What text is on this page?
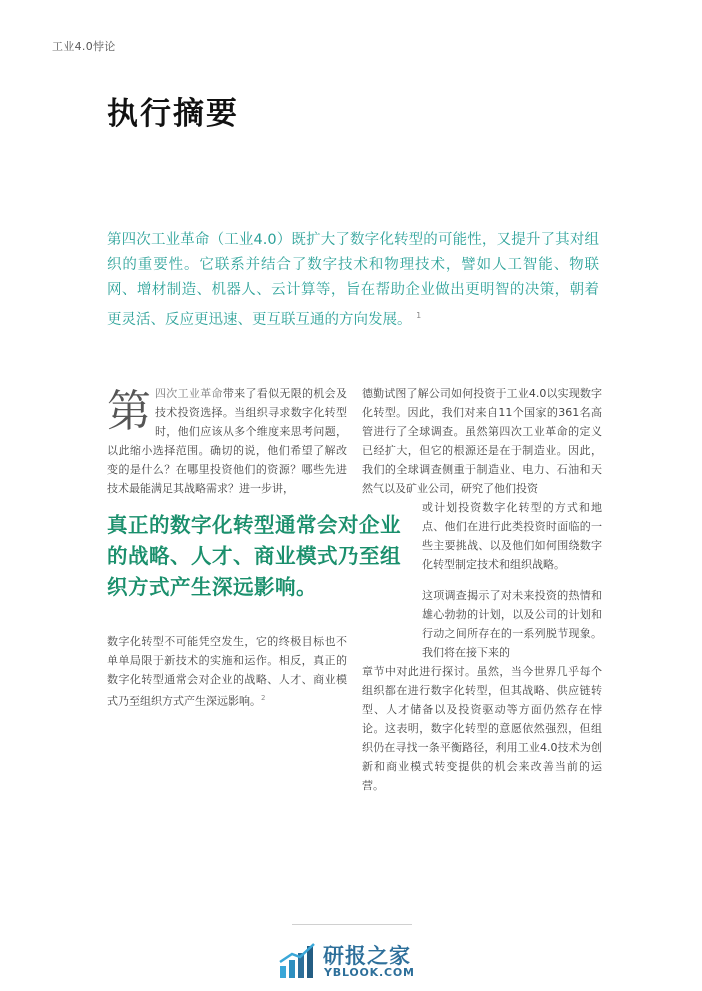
工业4.0悖论
执行摘要

第四次工业革命（工业4.0）既扩大了数字化转型的可能性，又提升了其对组织的重要性。它联系并结合了数字技术和物理技术，譬如人工智能、物联网、增材制造、机器人、云计算等，旨在帮助企业做出更明智的决策，朝着更灵活、反应更迅速、更互联互通的方向发展。 $^1$

第 四次工业革命带来了看似无限的机会及技术投资选择。当组织寻求数字化转型时，他们应该从多个维度来思考问题，以此缩小选择范围。确切的说，他们希望了解改变的是什么？在哪里投资他们的资源？哪些先进技术最能满足其战略需求？进一步讲，

真正的数字化转型通常会对企业的战略、人才、商业模式乃至组织方式产生深远影响。

数字化转型不可能凭空发生，它的终极目标也不单单局限于新技术的实施和运作。相反，真正的数字化转型通常会对企业的战略、人才、商业模式乃至组织方式产生深远影响。$^2$

德勤试图了解公司如何投资于工业4.0以实现数字化转型。因此，我们对来自11个国家的361名高管进行了全球调查。虽然第四次工业革命的定义已经扩大，但它的根源还是在于制造业。因此，我们的全球调查侧重于制造业、电力、石油和天然气以及矿业公司，研究了他们投资

或计划投资数字化转型的方式和地点、他们在进行此类投资时面临的一些主要挑战、以及他们如何围绕数字化转型制定技术和组织战略。

这项调查揭示了对未来投资的热情和雄心勃勃的计划，以及公司的计划和行动之间所存在的一系列脱节现象。我们将在接下来的

章节中对此进行探讨。虽然，当今世界几乎每个组织都在进行数字化转型，但其战略、供应链转型、人才储备以及投资驱动等方面仍然存在悖论。这表明，数字化转型的意愿依然强烈，但组织仍在寻找一条平衡路径，利用工业4.0技术为创新和商业模式转变提供的机会来改善当前的运营。

研报之家
YBLOOK.COM
